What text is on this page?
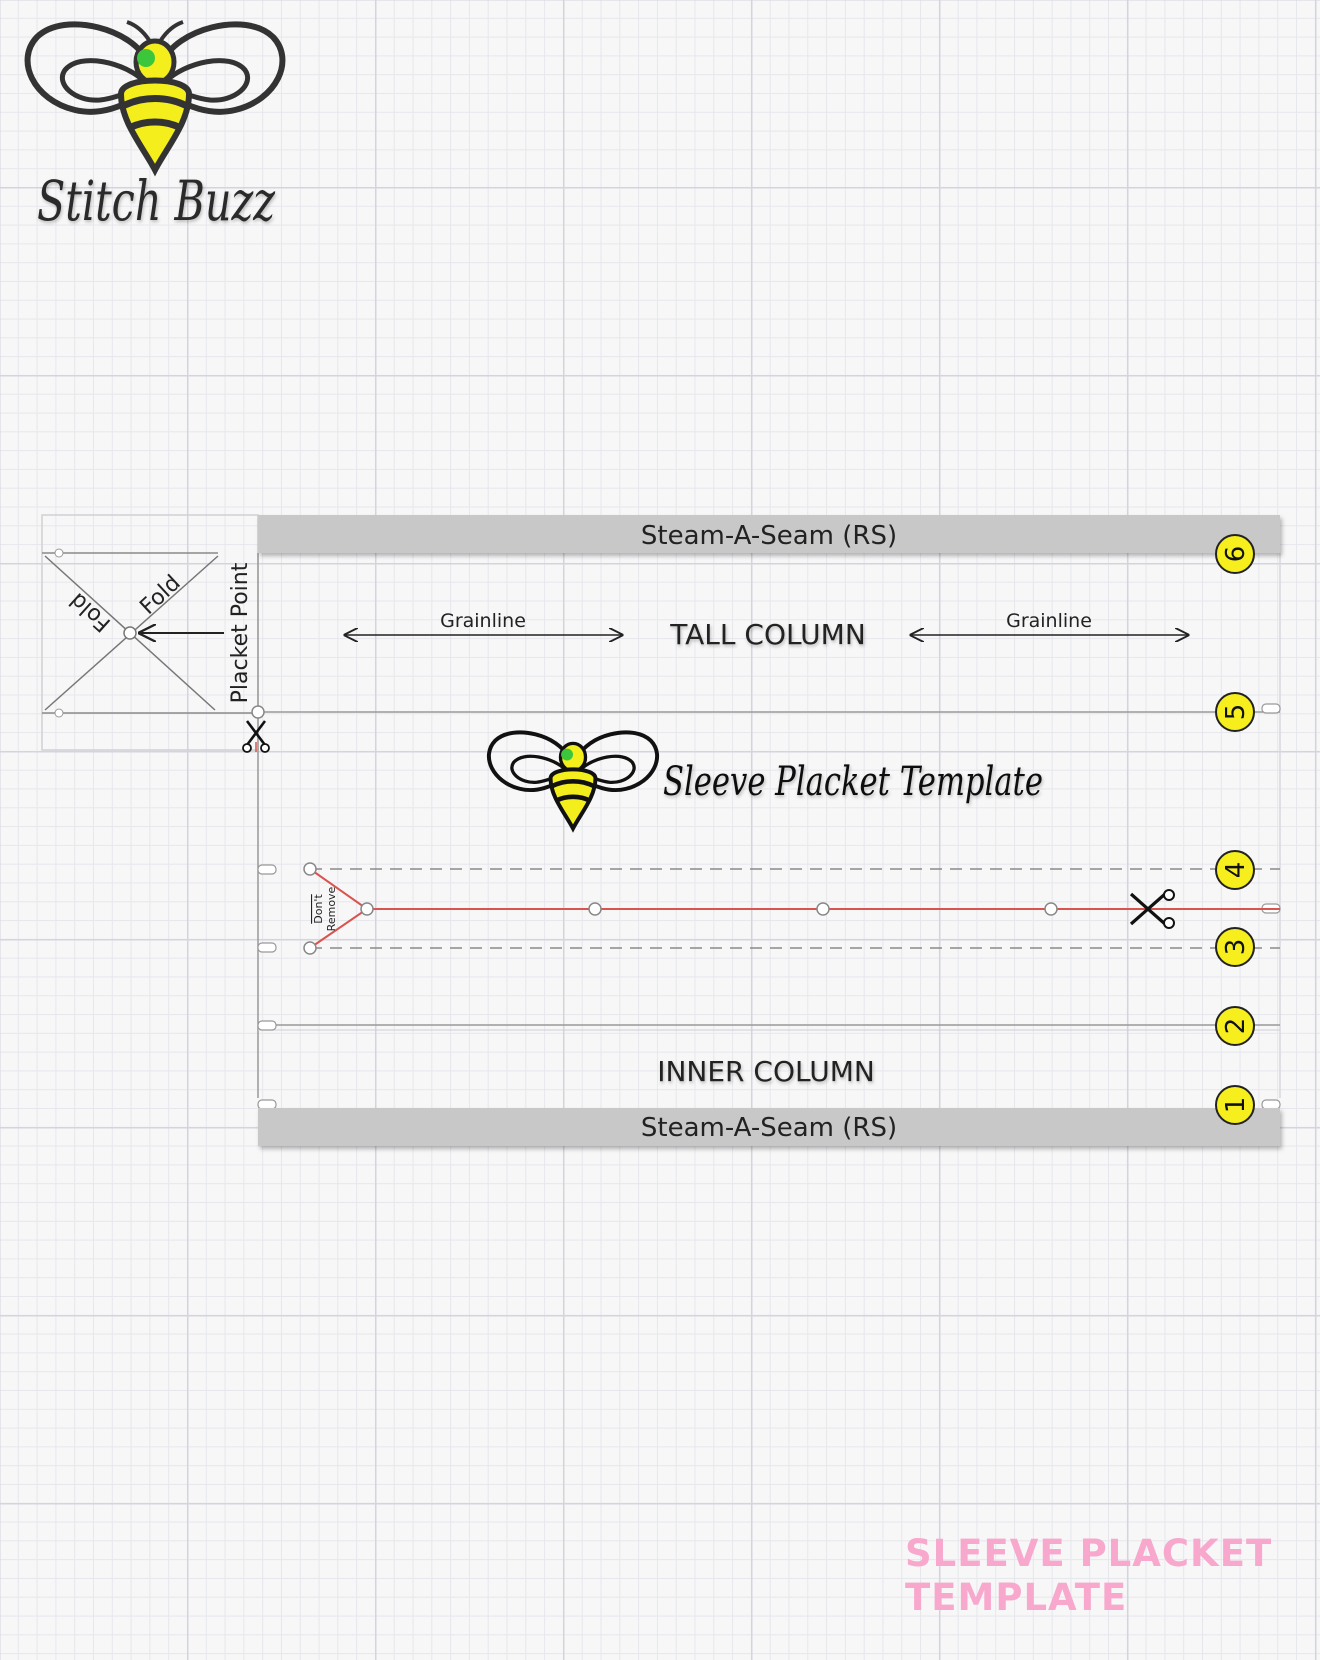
Stitch Buzz
Steam-A-Seam (RS)
Steam-A-Seam (RS)
Fold Fold Placket Point	Grainline	Grainline
TALL COLUMN
Sleeve Placket Template
Don't Remove
INNER COLUMN
6
5
4
3
2
1
SLEEVE PLACKET
TEMPLATE
